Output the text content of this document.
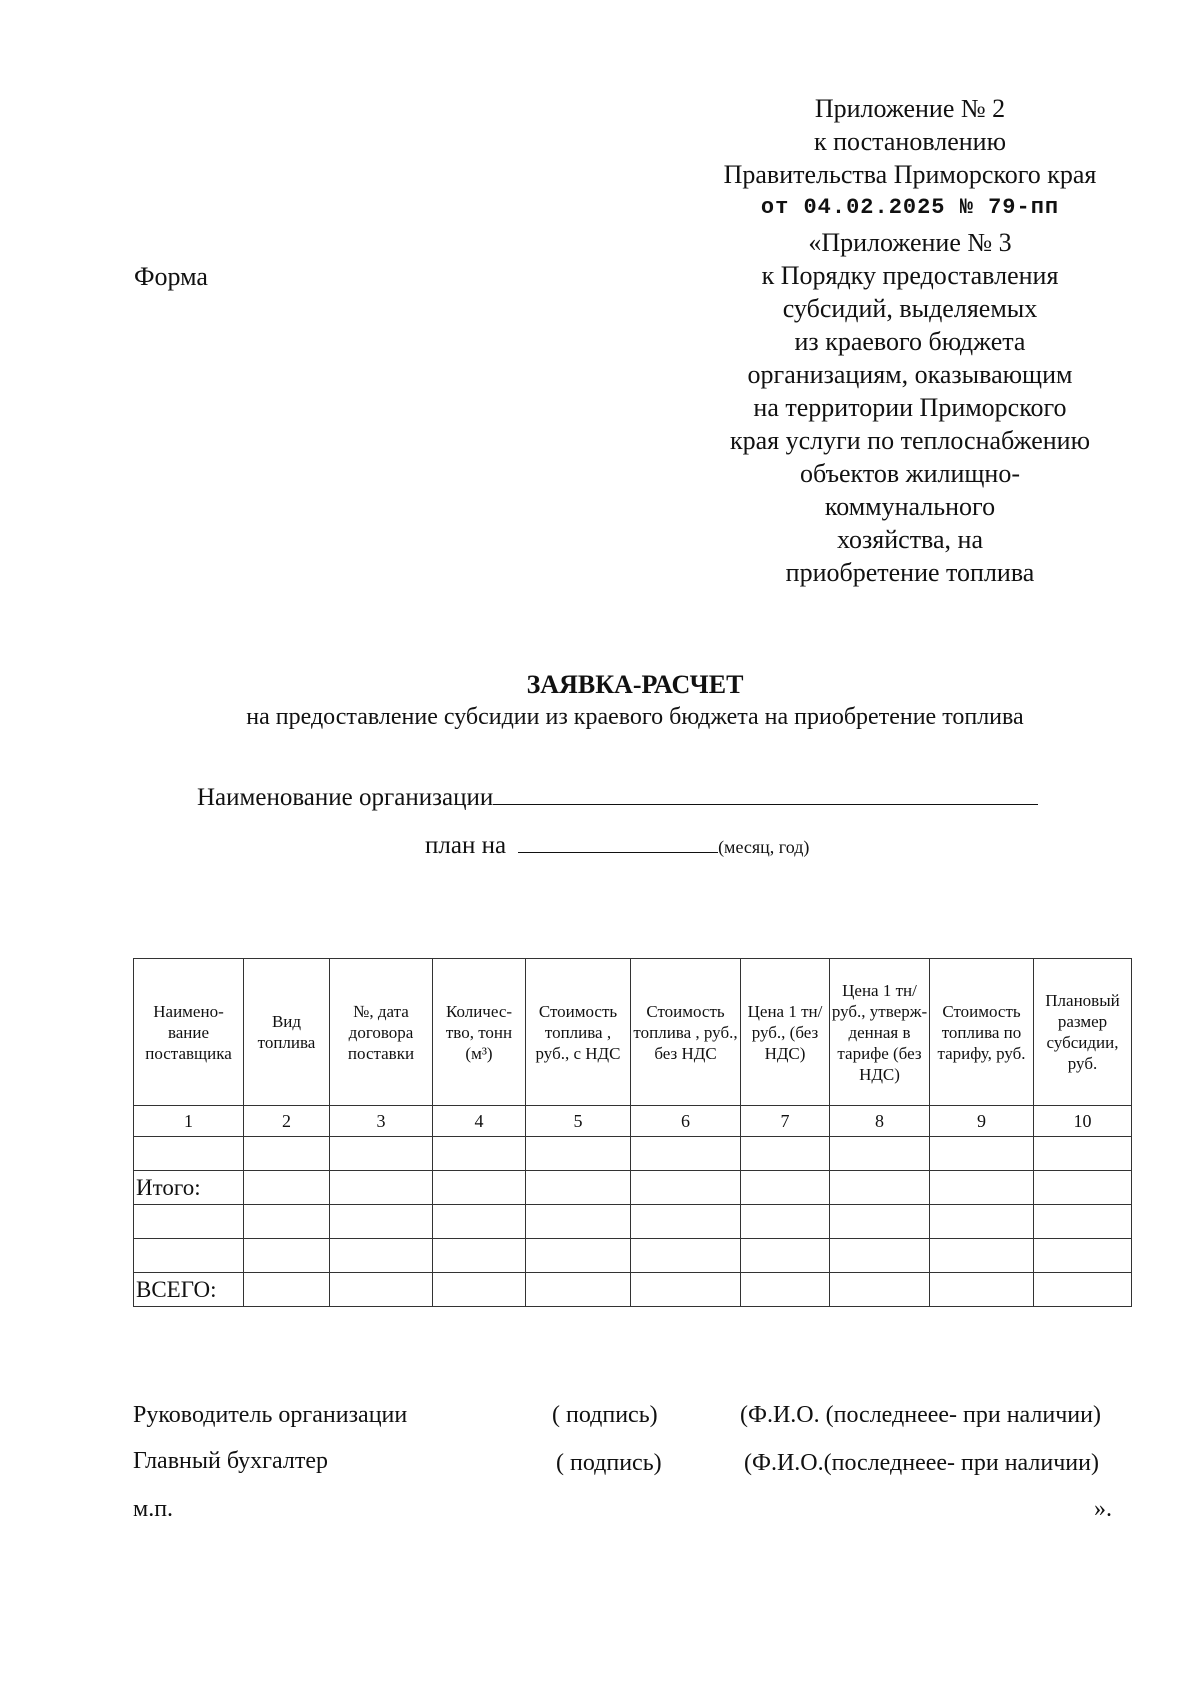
Приложение № 2
к постановлению
Правительства Приморского края
от 04.02.2025 № 79-пп
Форма
«Приложение № 3
к Порядку предоставления
субсидий, выделяемых
из краевого бюджета
организациям, оказывающим
на территории Приморского
края услуги по теплоснабжению
объектов жилищно-
коммунального
хозяйства, на
приобретение топлива
ЗАЯВКА-РАСЧЕТ
на предоставление субсидии из краевого бюджета на приобретение топлива
Наименование организации
план на	(месяц, год)
Наимено-вание поставщика	Вид топлива	№, дата договора поставки	Количес-тво, тонн (м³)	Стоимость топлива , руб., с НДС	Стоимость топлива , руб., без НДС	Цена 1 тн/руб., (без НДС)	Цена 1 тн/руб., утверж-денная в тарифе (без НДС)	Стоимость топлива по тарифу, руб.	Плановый размер субсидии, руб.
1	2	3	4	5	6	7	8	9	10

Итого:									

ВСЕГО:									
Руководитель организации	( подпись)	(Ф.И.О. (последнеее- при наличии)
Главный бухгалтер	( подпись)	(Ф.И.О.(последнеее- при наличии)
м.п.	».
